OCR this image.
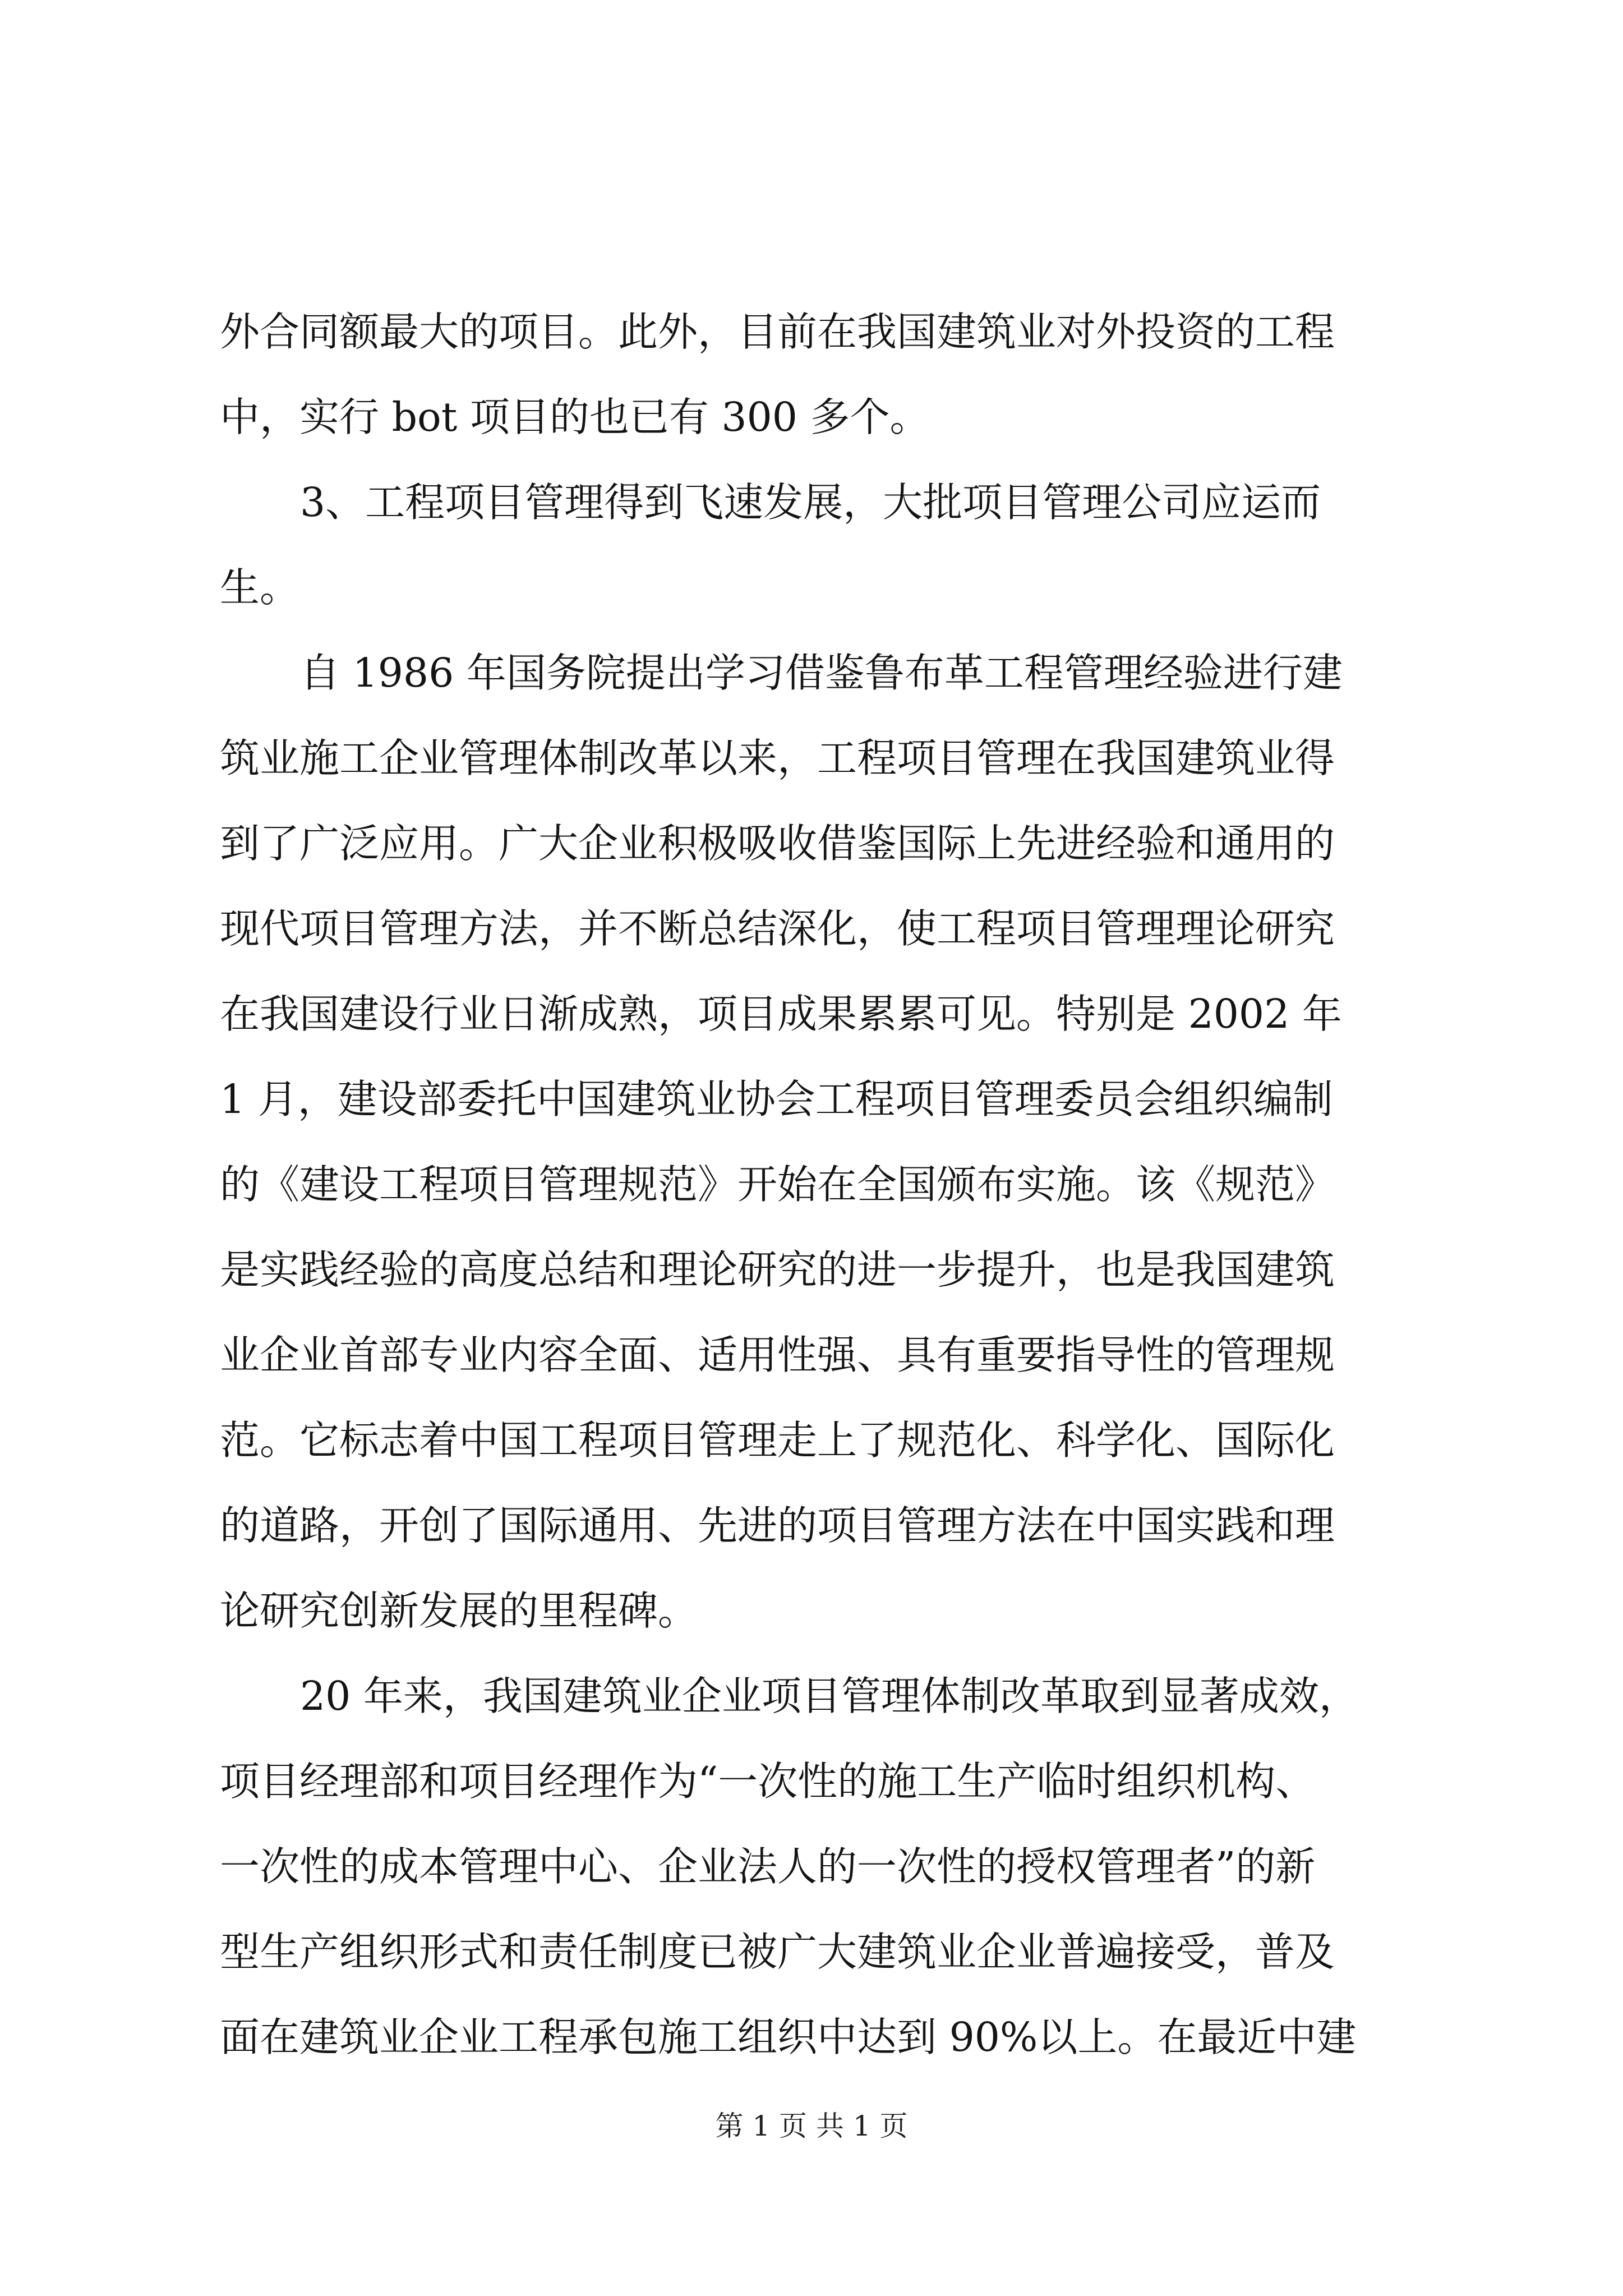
外合同额最大的项目。此外，目前在我国建筑业对外投资的工程
中，实行 bot 项目的也已有 300 多个。
3、工程项目管理得到飞速发展，大批项目管理公司应运而
生。
自 1986 年国务院提出学习借鉴鲁布革工程管理经验进行建
筑业施工企业管理体制改革以来，工程项目管理在我国建筑业得
到了广泛应用。广大企业积极吸收借鉴国际上先进经验和通用的
现代项目管理方法，并不断总结深化，使工程项目管理理论研究
在我国建设行业日渐成熟，项目成果累累可见。特别是 2002 年
1 月，建设部委托中国建筑业协会工程项目管理委员会组织编制
的《建设工程项目管理规范》开始在全国颁布实施。该《规范》
是实践经验的高度总结和理论研究的进一步提升，也是我国建筑
业企业首部专业内容全面、适用性强、具有重要指导性的管理规
范。它标志着中国工程项目管理走上了规范化、科学化、国际化
的道路，开创了国际通用、先进的项目管理方法在中国实践和理
论研究创新发展的里程碑。
20 年来，我国建筑业企业项目管理体制改革取到显著成效，
项目经理部和项目经理作为“一次性的施工生产临时组织机构、
一次性的成本管理中心、企业法人的一次性的授权管理者”的新
型生产组织形式和责任制度已被广大建筑业企业普遍接受，普及
面在建筑业企业工程承包施工组织中达到 90%以上。在最近中建
第 1 页 共 1 页
